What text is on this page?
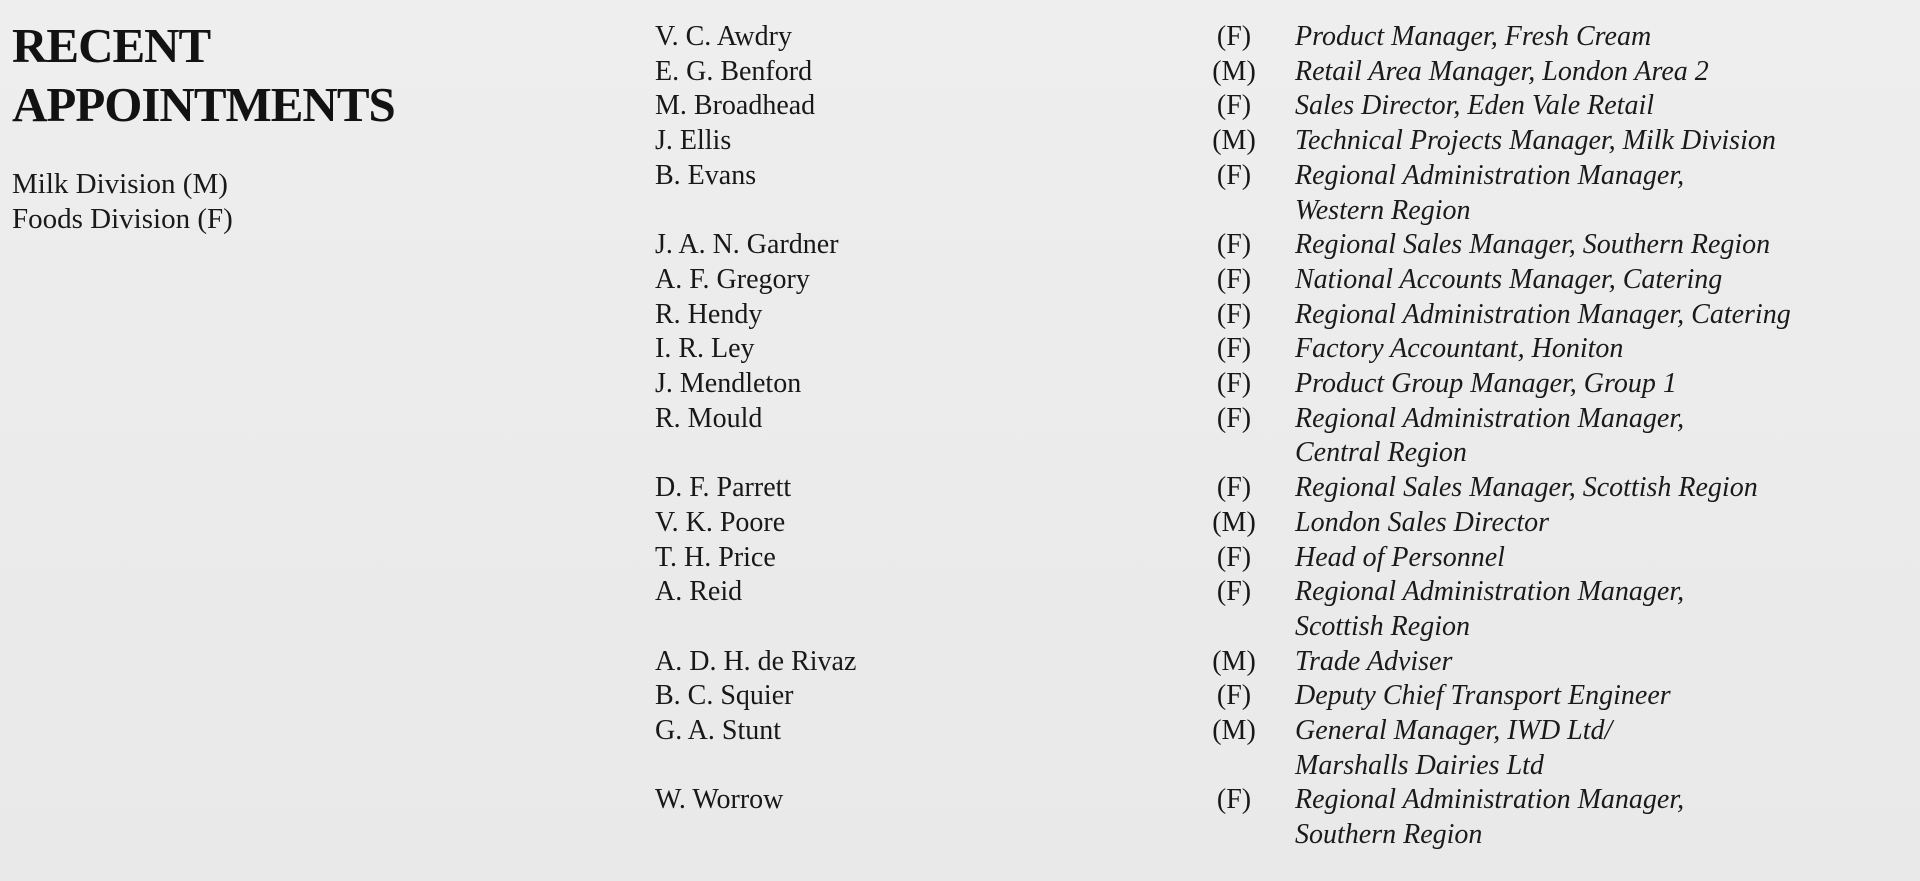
RECENT
APPOINTMENTS
Milk Division (M)
Foods Division (F)
V. C. Awdry	(F)	Product Manager, Fresh Cream
E. G. Benford	(M)	Retail Area Manager, London Area 2
M. Broadhead	(F)	Sales Director, Eden Vale Retail
J. Ellis	(M)	Technical Projects Manager, Milk Division
B. Evans	(F)	Regional Administration Manager,
Western Region
J. A. N. Gardner	(F)	Regional Sales Manager, Southern Region
A. F. Gregory	(F)	National Accounts Manager, Catering
R. Hendy	(F)	Regional Administration Manager, Catering
I. R. Ley	(F)	Factory Accountant, Honiton
J. Mendleton	(F)	Product Group Manager, Group 1
R. Mould	(F)	Regional Administration Manager,
Central Region
D. F. Parrett	(F)	Regional Sales Manager, Scottish Region
V. K. Poore	(M)	London Sales Director
T. H. Price	(F)	Head of Personnel
A. Reid	(F)	Regional Administration Manager,
Scottish Region
A. D. H. de Rivaz	(M)	Trade Adviser
B. C. Squier	(F)	Deputy Chief Transport Engineer
G. A. Stunt	(M)	General Manager, IWD Ltd/
Marshalls Dairies Ltd
W. Worrow	(F)	Regional Administration Manager,
Southern Region
